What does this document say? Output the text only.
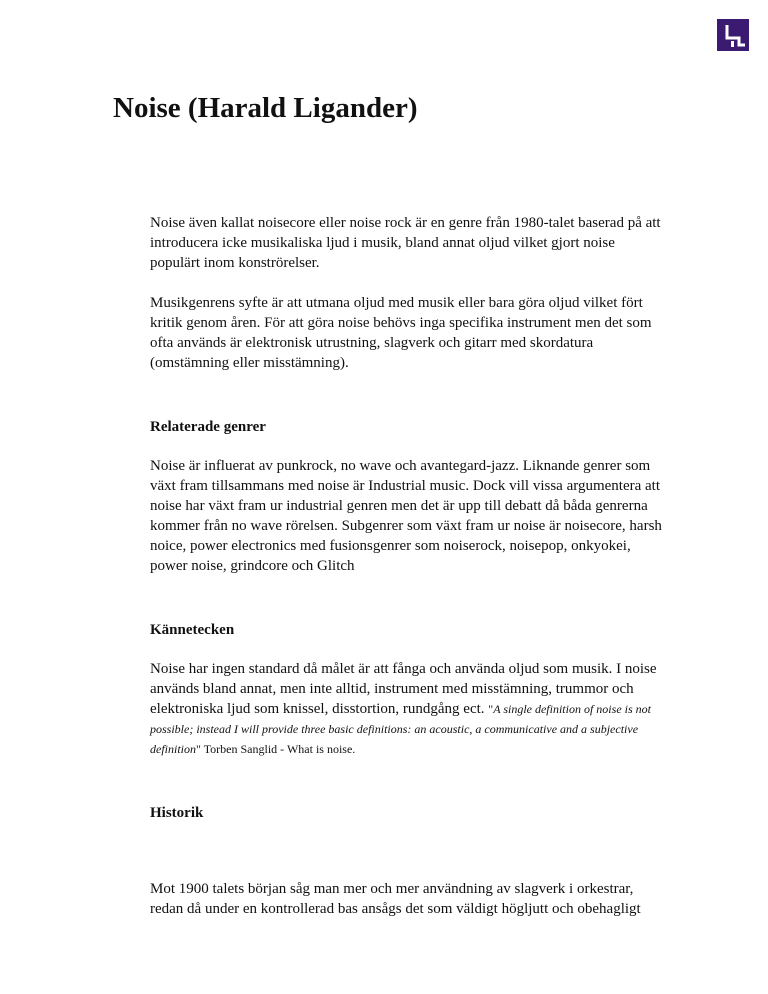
Noise (Harald Ligander)

Noise även kallat noisecore eller noise rock är en genre från 1980-talet baserad på att introducera icke musikaliska ljud i musik, bland annat oljud vilket gjort noise populärt inom konströrelser.

Musikgenrens syfte är att utmana oljud med musik eller bara göra oljud vilket fört kritik genom åren. För att göra noise behövs inga specifika instrument men det som ofta används är elektronisk utrustning, slagverk och gitarr med skordatura (omstämning eller misstämning).

Relaterade genrer

Noise är influerat av punkrock, no wave och avantegard-jazz. Liknande genrer som växt fram tillsammans med noise är Industrial music. Dock vill vissa argumentera att noise har växt fram ur industrial genren men det är upp till debatt då båda genrerna kommer från no wave rörelsen. Subgenrer som växt fram ur noise är noisecore, harsh noice, power electronics med fusionsgenrer som noiserock, noisepop, onkyokei, power noise, grindcore och Glitch

Kännetecken

Noise har ingen standard då målet är att fånga och använda oljud som musik. I noise används bland annat, men inte alltid, instrument med misstämning, trummor och elektroniska ljud som knissel, disstortion, rundgång ect. "A single definition of noise is not possible; instead I will provide three basic definitions: an acoustic, a communicative and a subjective definition" Torben Sanglid - What is noise.

Historik

Mot 1900 talets början såg man mer och mer användning av slagverk i orkestrar, redan då under en kontrollerad bas ansågs det som väldigt högljutt och obehagligt
